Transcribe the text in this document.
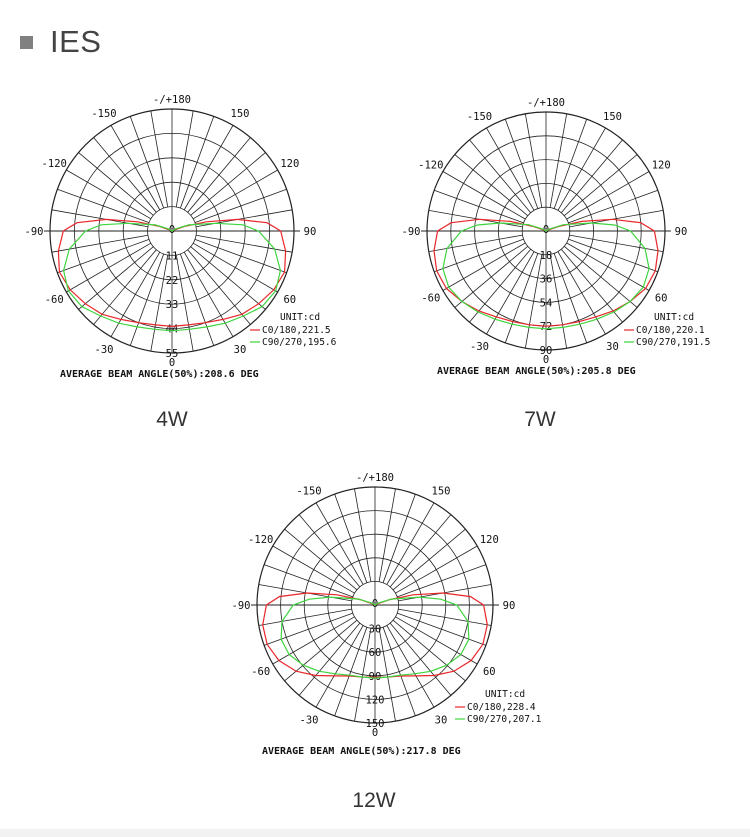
IES
-/+180
150
-150
120
-120
90
-90
60
-60
30
-30
0
11
22
33
44
55
0
UNIT:cd
C0/180,221.5
C90/270,195.6
AVERAGE BEAM ANGLE(50%):208.6 DEG
-/+180
150
-150
120
-120
90
-90
60
-60
30
-30
0
18
36
54
72
90
0
UNIT:cd
C0/180,220.1
C90/270,191.5
AVERAGE BEAM ANGLE(50%):205.8 DEG
-/+180
150
-150
120
-120
90
-90
60
-60
30
-30
0
30
60
90
120
150
0
UNIT:cd
C0/180,228.4
C90/270,207.1
AVERAGE BEAM ANGLE(50%):217.8 DEG
4W	7W
12W
